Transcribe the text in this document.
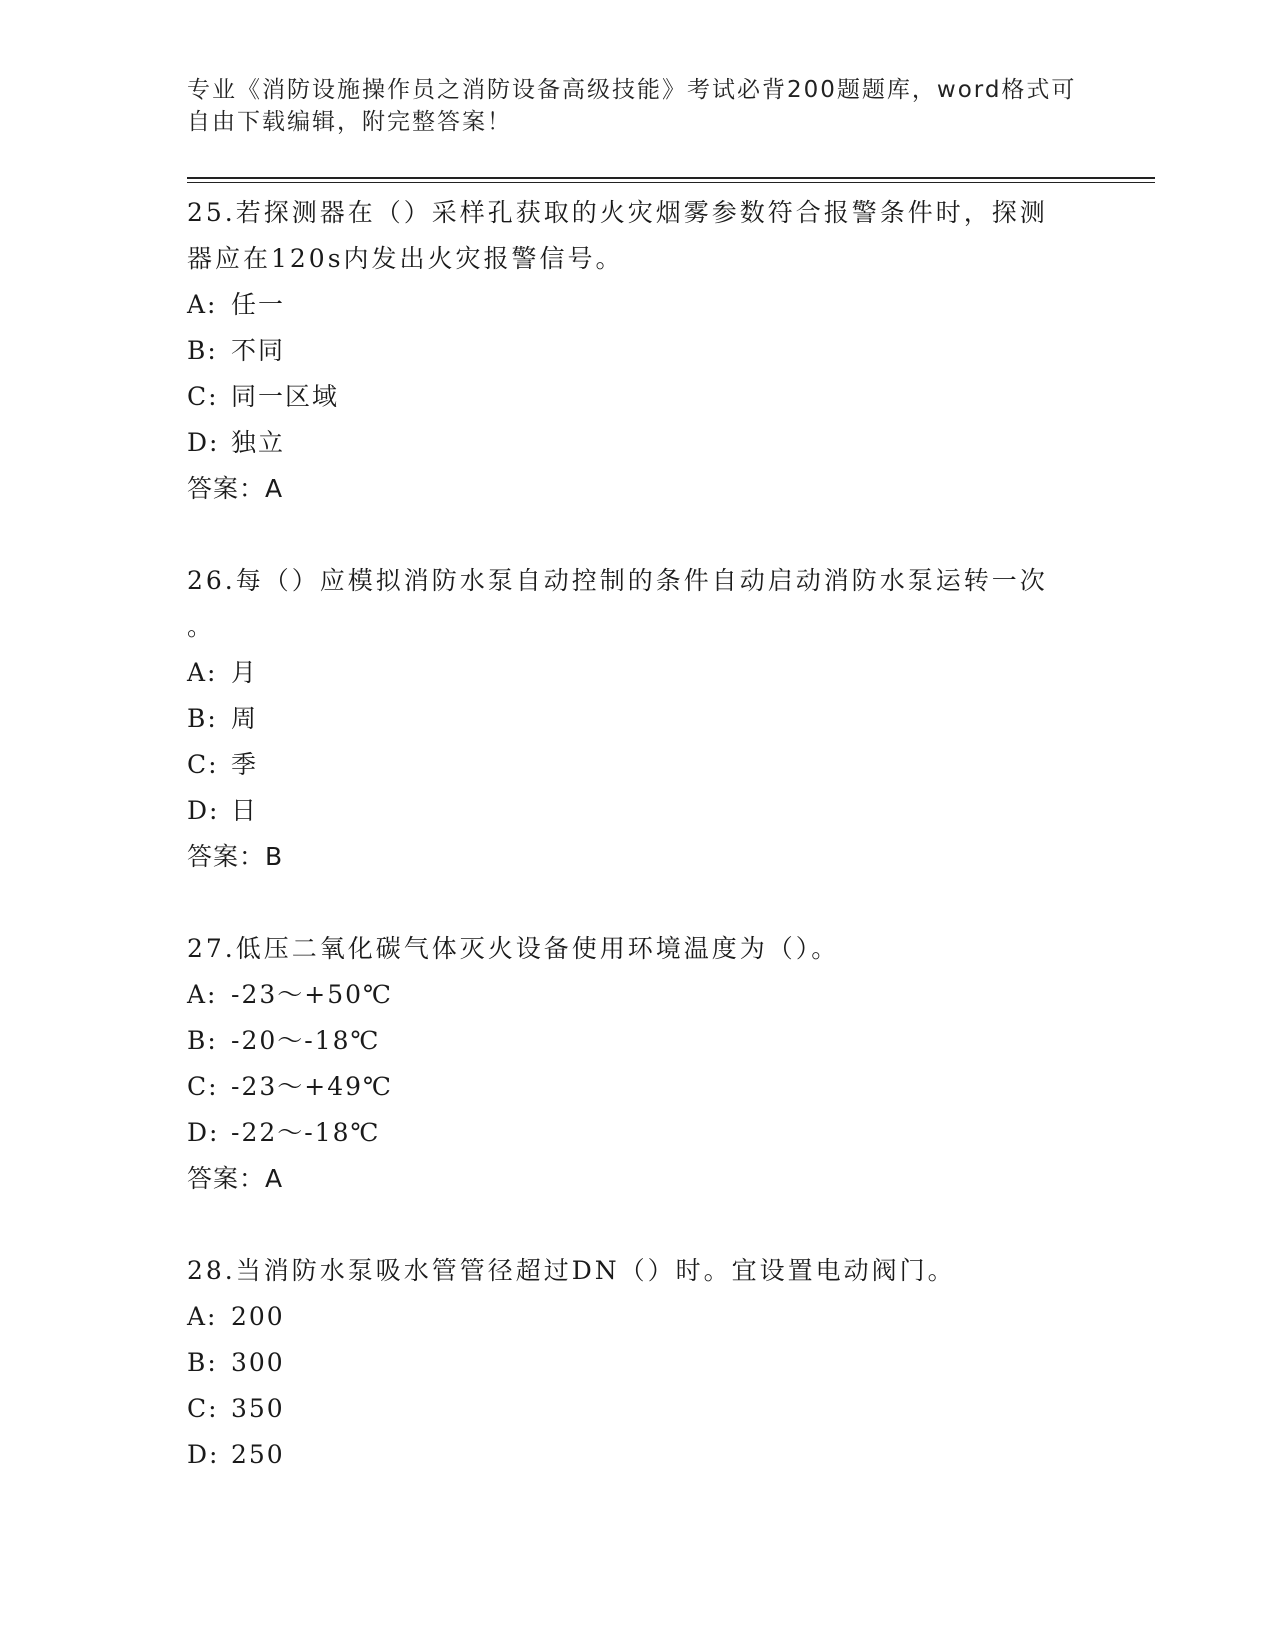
专业《消防设施操作员之消防设备高级技能》考试必背200题题库，word格式可
自由下载编辑，附完整答案！

25.若探测器在（）采样孔获取的火灾烟雾参数符合报警条件时，探测

器应在120s内发出火灾报警信号。

A: 任一

B: 不同

C: 同一区域

D: 独立

答案：A

26.每（）应模拟消防水泵自动控制的条件自动启动消防水泵运转一次

。

A: 月

B: 周

C: 季

D: 日

答案：B

27.低压二氧化碳气体灭火设备使用环境温度为（）。

A: -23～+50℃

B: -20～-18℃

C: -23～+49℃

D: -22～-18℃

答案：A

28.当消防水泵吸水管管径超过DN（）时。宜设置电动阀门。

A: 200

B: 300

C: 350

D: 250
